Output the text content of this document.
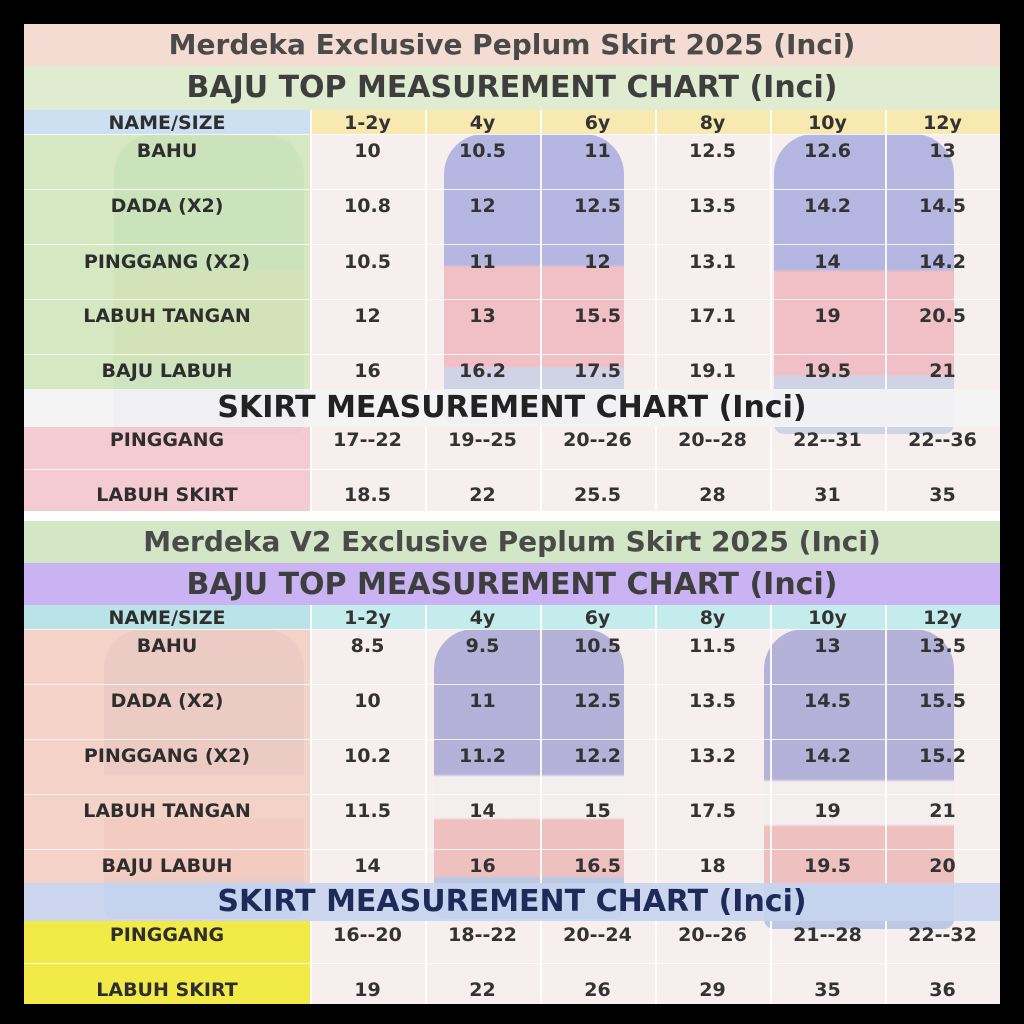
Merdeka Exclusive Peplum Skirt 2025 (Inci)
BAJU TOP MEASUREMENT CHART (Inci)
NAME/SIZE	1-2y	4y	6y	8y	10y	12y
BAHU	10	10.5	11	12.5	12.6	13
DADA (X2)	10.8	12	12.5	13.5	14.2	14.5
PINGGANG (X2)	10.5	11	12	13.1	14	14.2
LABUH TANGAN	12	13	15.5	17.1	19	20.5
BAJU LABUH	16	16.2	17.5	19.1	19.5	21
SKIRT MEASUREMENT CHART (Inci)
PINGGANG	17--22	19--25	20--26	20--28	22--31	22--36
LABUH SKIRT	18.5	22	25.5	28	31	35
Merdeka V2 Exclusive Peplum Skirt 2025 (Inci)
BAJU TOP MEASUREMENT CHART (Inci)
NAME/SIZE	1-2y	4y	6y	8y	10y	12y
BAHU	8.5	9.5	10.5	11.5	13	13.5
DADA (X2)	10	11	12.5	13.5	14.5	15.5
PINGGANG (X2)	10.2	11.2	12.2	13.2	14.2	15.2
LABUH TANGAN	11.5	14	15	17.5	19	21
BAJU LABUH	14	16	16.5	18	19.5	20
SKIRT MEASUREMENT CHART (Inci)
PINGGANG	16--20	18--22	20--24	20--26	21--28	22--32
LABUH SKIRT	19	22	26	29	35	36
